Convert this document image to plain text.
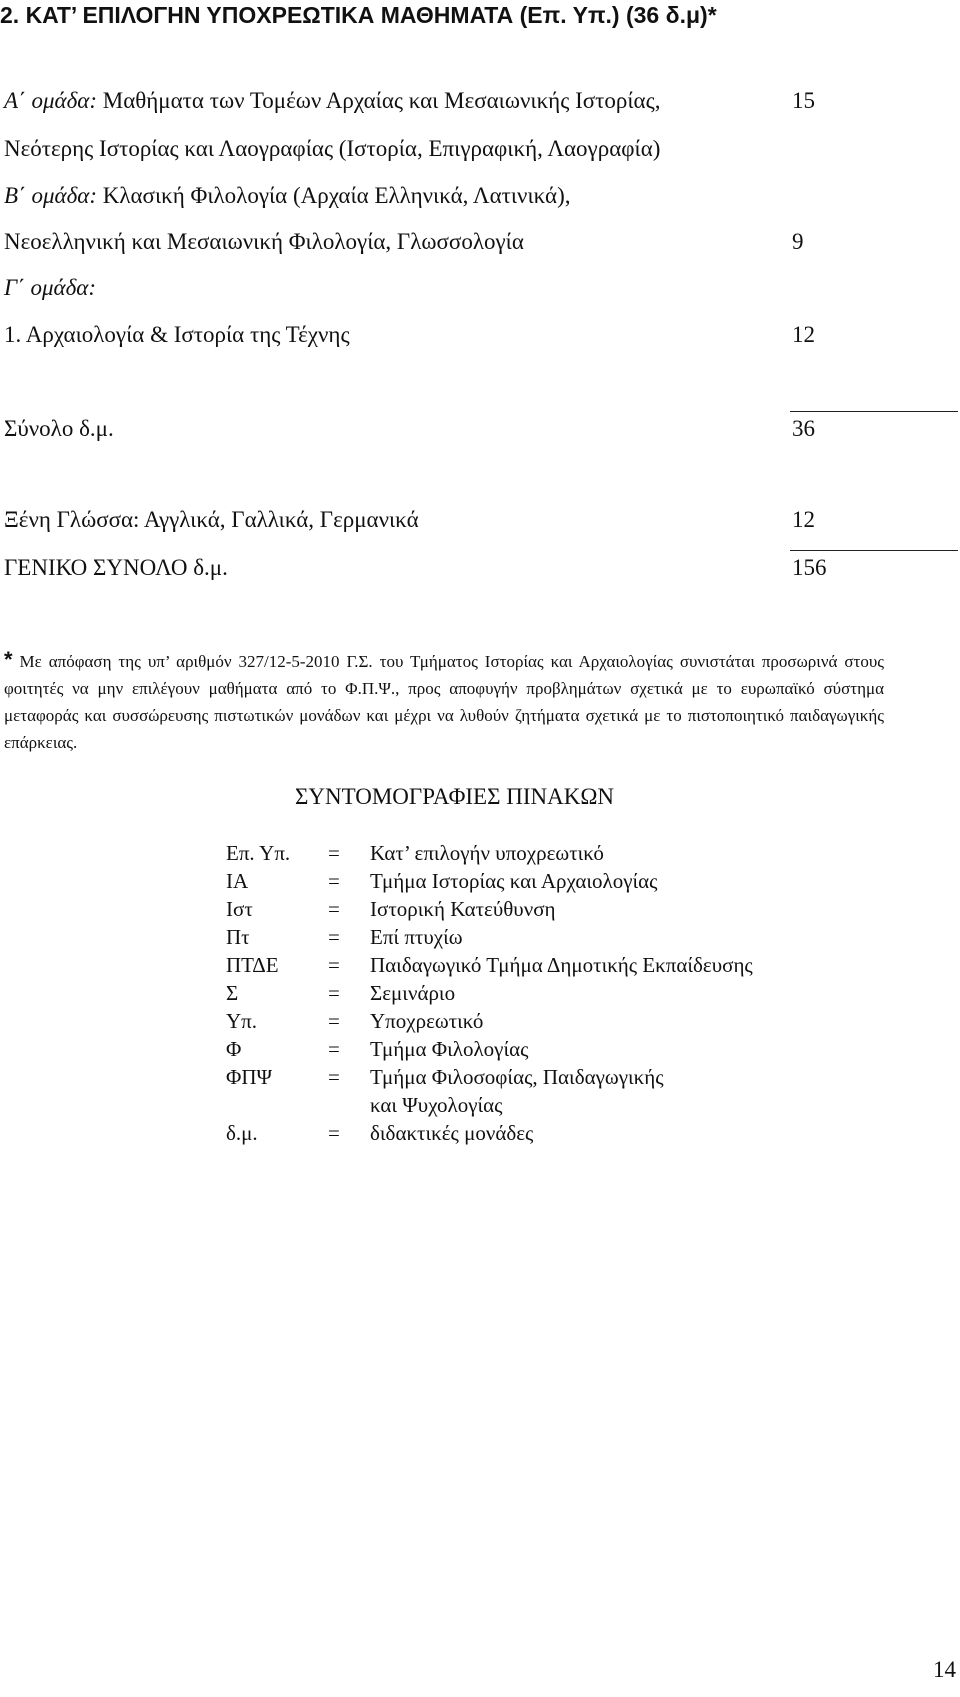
2. ΚΑΤ’ ΕΠΙΛΟΓΗΝ ΥΠΟΧΡΕΩΤΙΚΑ ΜΑΘΗΜΑΤΑ (Επ. Υπ.) (36 δ.μ)*
Α΄ ομάδα: Μαθήματα των Τομέων Αρχαίας και Μεσαιωνικής Ιστορίας,	15
Νεότερης Ιστορίας και Λαογραφίας (Ιστορία, Επιγραφική, Λαογραφία)
Β΄ ομάδα: Κλασική Φιλολογία (Αρχαία Ελληνικά, Λατινικά),
Νεοελληνική και Μεσαιωνική Φιλολογία, Γλωσσολογία	9
Γ΄ ομάδα:
1. Αρχαιολογία & Ιστορία της Τέχνης	12
Σύνολο δ.μ.	36
Ξένη Γλώσσα: Αγγλικά, Γαλλικά, Γερμανικά	12
ΓΕΝΙΚΟ ΣΥΝΟΛΟ δ.μ.	156
* Με απόφαση της υπ’ αριθμόν 327/12-5-2010 Γ.Σ. του Τμήματος Ιστορίας και Αρχαιολογίας συνιστάται προσωρινά στους φοιτητές να μην επιλέγουν μαθήματα από το Φ.Π.Ψ., προς αποφυγήν προβλημάτων σχετικά με το ευρωπαϊκό σύστημα μεταφοράς και συσσώρευσης πιστωτικών μονάδων και μέχρι να λυθούν ζητήματα σχετικά με το πιστοποιητικό παιδαγωγικής επάρκειας.
ΣΥΝΤΟΜΟΓΡΑΦΙΕΣ ΠΙΝΑΚΩΝ
Επ. Υπ. = Κατ’ επιλογήν υποχρεωτικό
ΙΑ	= Τμήμα Ιστορίας και Αρχαιολογίας
Ιστ	= Ιστορική Κατεύθυνση
Πτ	= Επί πτυχίω
ΠΤΔΕ = Παιδαγωγικό Τμήμα Δημοτικής Εκπαίδευσης
Σ	= Σεμινάριο
Υπ.	= Υποχρεωτικό
Φ	= Τμήμα Φιλολογίας
ΦΠΨ	= Τμήμα Φιλοσοφίας, Παιδαγωγικής
και Ψυχολογίας
δ.μ.	= διδακτικές μονάδες
14
